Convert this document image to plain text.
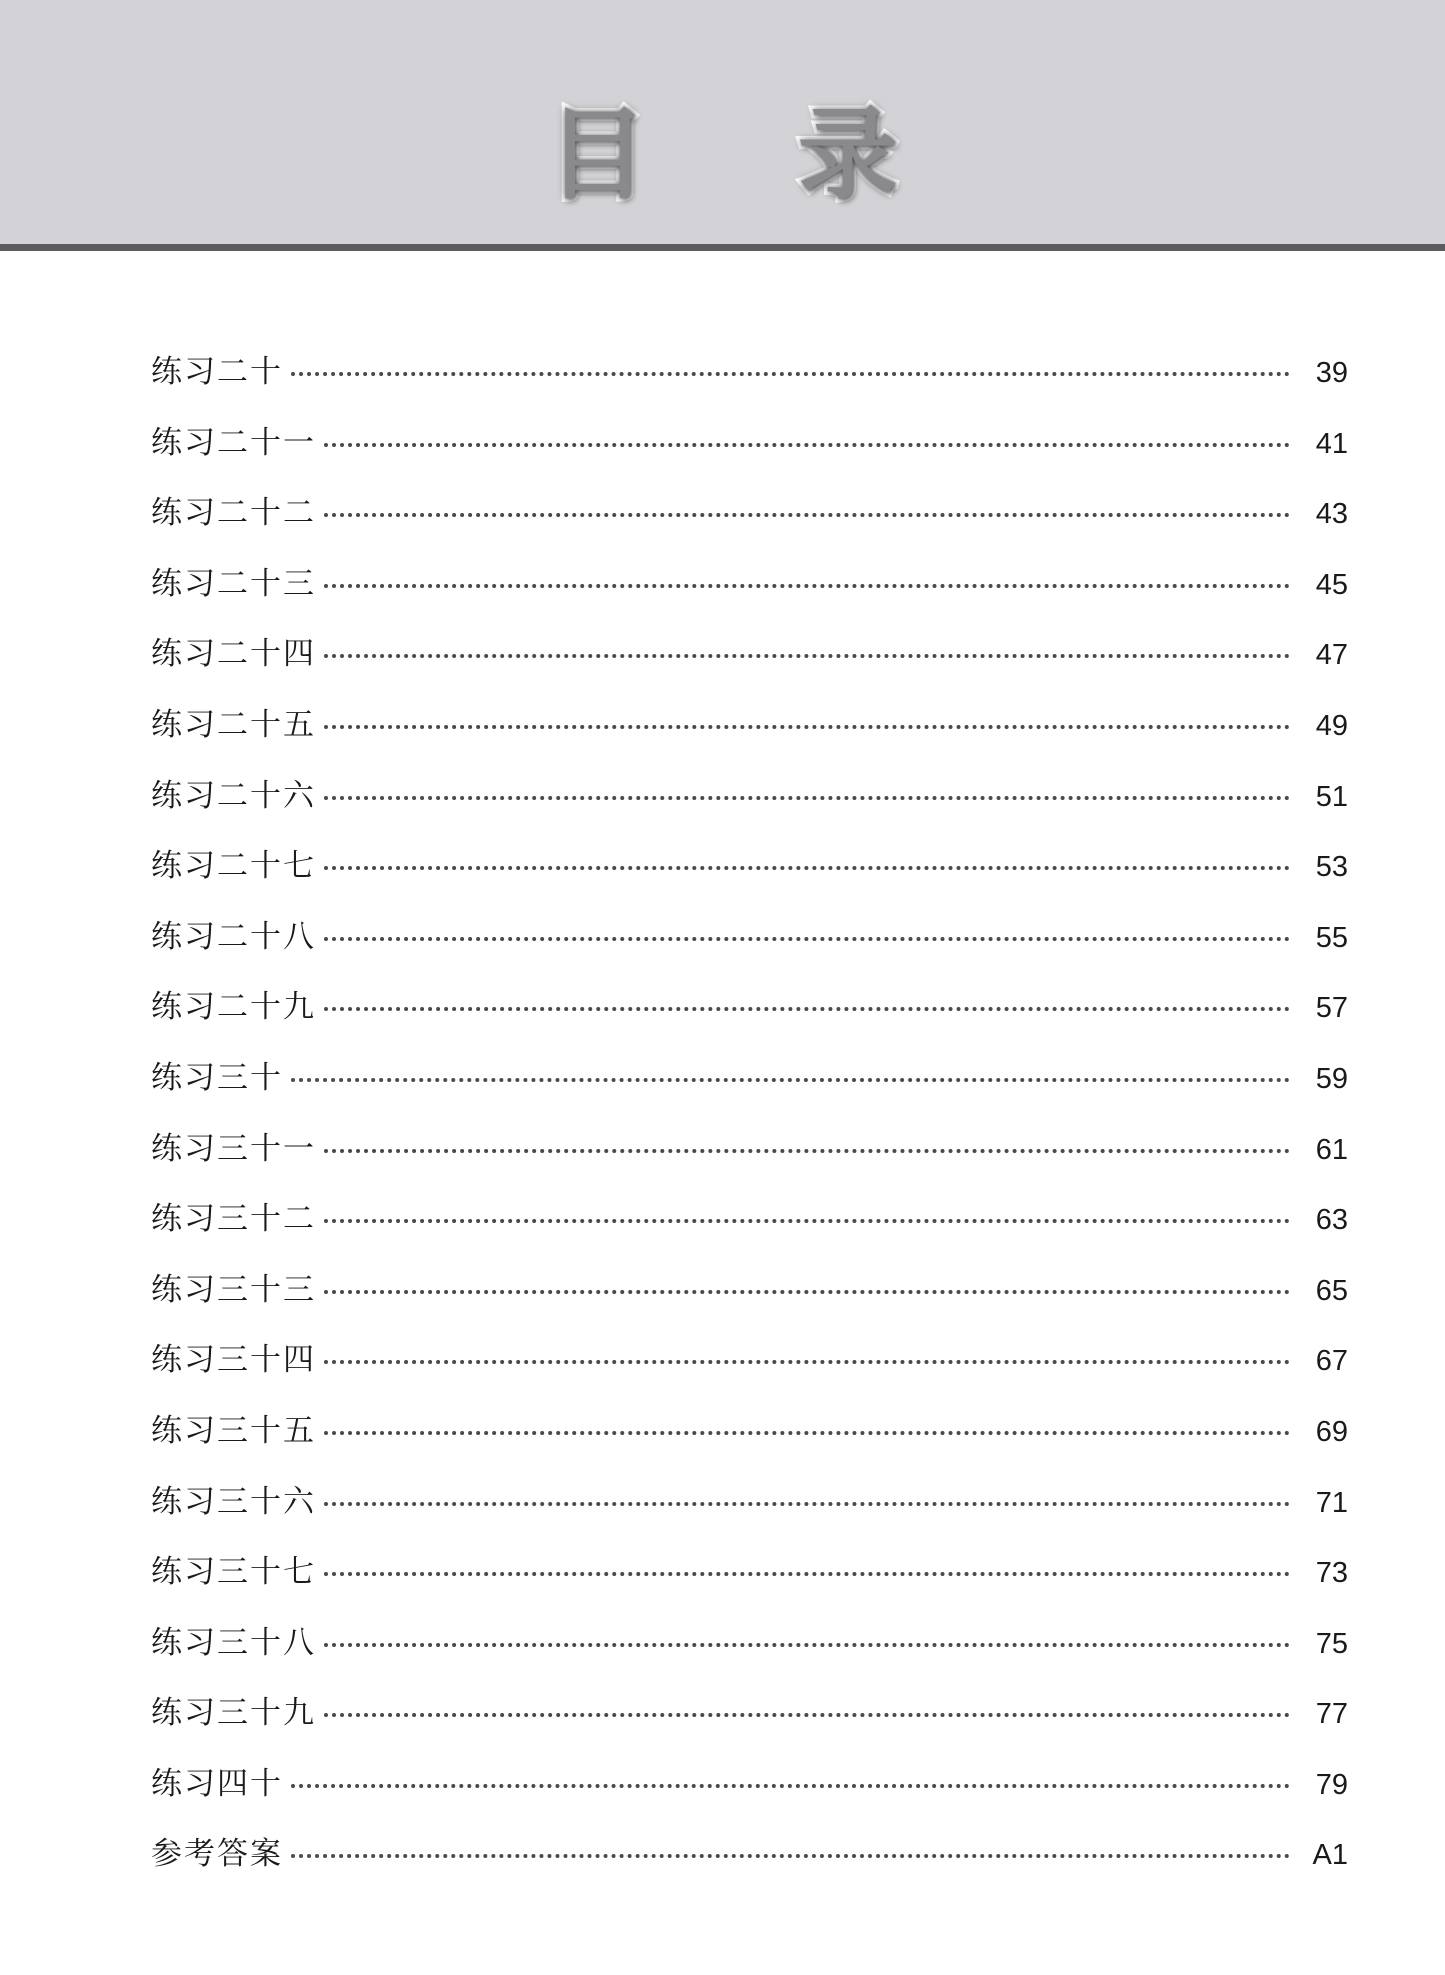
目 录
练习二十	39
练习二十一	41
练习二十二	43
练习二十三	45
练习二十四	47
练习二十五	49
练习二十六	51
练习二十七	53
练习二十八	55
练习二十九	57
练习三十	59
练习三十一	61
练习三十二	63
练习三十三	65
练习三十四	67
练习三十五	69
练习三十六	71
练习三十七	73
练习三十八	75
练习三十九	77
练习四十	79
参考答案	A1
